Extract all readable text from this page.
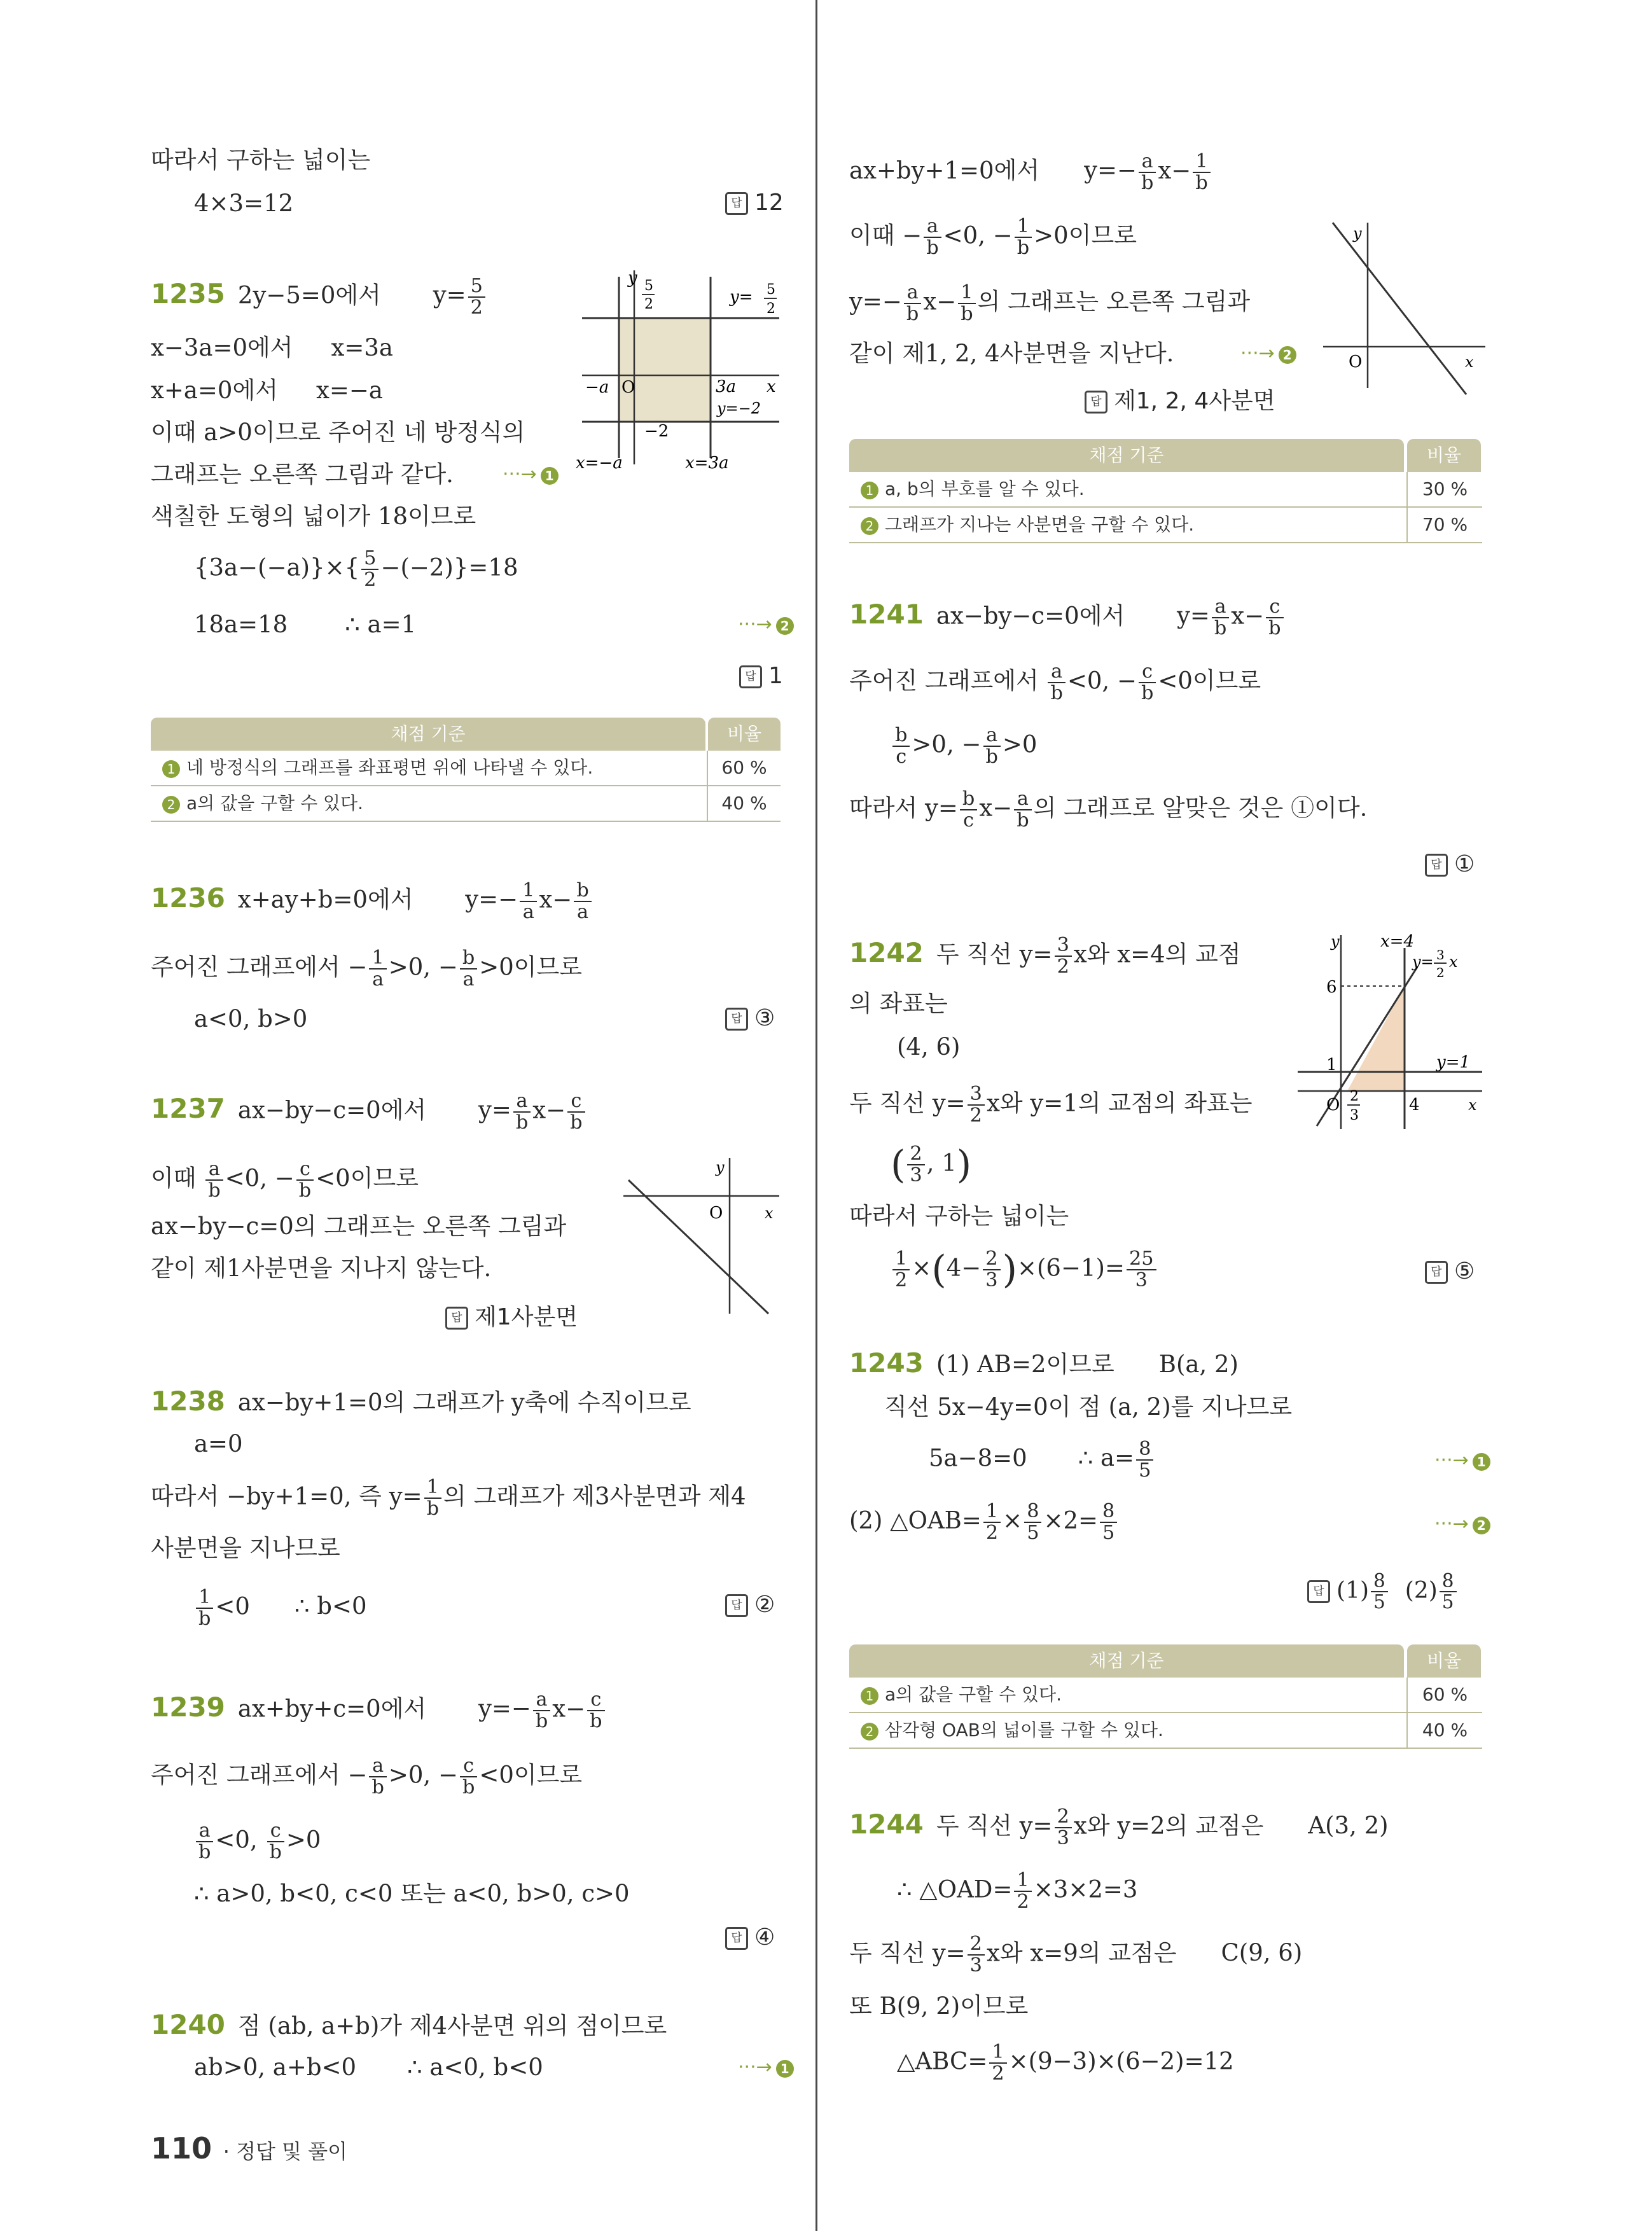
따라서 구하는 넓이는
4×3=12	답 12
1235 2y−5=0에서 $y= \frac{5}{2}$
x−3a=0에서 x=3a
x+a=0에서 x=−a
이때 a>0이므로 주어진 네 방정식의
그래프는 오른쪽 그림과 같다.	···→ 1
색칠한 도형의 넓이가 18이므로
$\{3a-(-a)\}\times\{ \frac{5}{2} -(-2)\}=18$
18a=18 ∴ a=1	···→ 2
답 1
y 5
2	y= 5
2
−a O	3a x
y=−2
−2
x=−a	x=3a
채점 기준	비율
1 네 방정식의 그래프를 좌표평면 위에 나타낼 수 있다.	60 %
2 a의 값을 구할 수 있다.	40 %
1236 x+ay+b=0에서 $y=- \frac{1}{a} x- \frac{b}{a}$
주어진 그래프에서 − $\frac{1}{a} >0$, − $\frac{b}{a} >0$이므로
a<0, b>0	답 ③
1237 ax−by−c=0에서 $y= \frac{a}{b} x- \frac{c}{b}$
이때 $\frac{a}{b} <0$, − $\frac{c}{b} <0$이므로
ax−by−c=0의 그래프는 오른쪽 그림과
같이 제1사분면을 지나지 않는다.
답 제1사분면
y
O	x
1238 ax−by+1=0의 그래프가 y축에 수직이므로
a=0
따라서 −by+1=0, 즉 $y= \frac{1}{b}$ 의 그래프가 제3사분면과 제4
사분면을 지나므로
$\frac{1}{b} <0$ ∴ b<0	답 ②
1239 ax+by+c=0에서 $y=- \frac{a}{b} x- \frac{c}{b}$
주어진 그래프에서 − $\frac{a}{b} >0$, − $\frac{c}{b} <0$이므로
$\frac{a}{b} <0$, $\frac{c}{b} >0$
∴ a>0, b<0, c<0 또는 a<0, b>0, c>0
답 ④
1240 점 (ab, a+b)가 제4사분면 위의 점이므로
ab>0, a+b<0 ∴ a<0, b<0	···→ 1
110 · 정답 및 풀이
ax+by+1=0에서 $y=- \frac{a}{b} x- \frac{1}{b}$
이때 − $\frac{a}{b} <0$, − $\frac{1}{b} >0$이므로
$y=- \frac{a}{b} x- \frac{1}{b}$ 의 그래프는 오른쪽 그림과
같이 제1, 2, 4사분면을 지난다.	···→ 2
답 제1, 2, 4사분면
y
O	x
채점 기준	비율
1 a, b의 부호를 알 수 있다.	30 %
2 그래프가 지나는 사분면을 구할 수 있다.	70 %
1241 ax−by−c=0에서 $y= \frac{a}{b} x- \frac{c}{b}$
주어진 그래프에서 $\frac{a}{b} <0$, − $\frac{c}{b} <0$이므로
$\frac{b}{c} >0$, − $\frac{a}{b} >0$
따라서 $y= \frac{b}{c} x- \frac{a}{b}$ 의 그래프로 알맞은 것은 ①이다.
답 ①
1242 두 직선 $y= \frac{3}{2}$ x와 x=4의 교점
의 좌표는
(4, 6)
두 직선 $y= \frac{3}{2}$ x와 y=1의 교점의 좌표는
( $\frac{2}{3}$ , 1)
따라서 구하는 넓이는
$\frac{1}{2} \times(4- \frac{2}{3} )\times(6-1)= \frac{25}{3}$	답 ⑤
y
6
1
O 2
3
4	x
x=4
y= 3
2
x
y=1
1243 (1) AB=2이므로 B(a, 2)
직선 5x−4y=0이 점 (a, 2)를 지나므로
5a−8=0 ∴ $a= \frac{8}{5}$	···→ 1
(2) △OAB= $\frac{1}{2} \times \frac{8}{5} \times 2= \frac{8}{5}$	···→ 2
답 $(1) \frac{8}{5} (2) \frac{8}{5}$
채점 기준	비율
1 a의 값을 구할 수 있다.	60 %
2 삼각형 OAB의 넓이를 구할 수 있다.	40 %
1244 두 직선 $y= \frac{2}{3}$ x와 y=2의 교점은 A(3, 2)
∴ △OAD= $\frac{1}{2} \times 3\times 2=3$
두 직선 $y= \frac{2}{3}$ x와 x=9의 교점은 C(9, 6)
또 B(9, 2)이므로
△ABC= $\frac{1}{2} \times(9-3)\times(6-2)=12$
